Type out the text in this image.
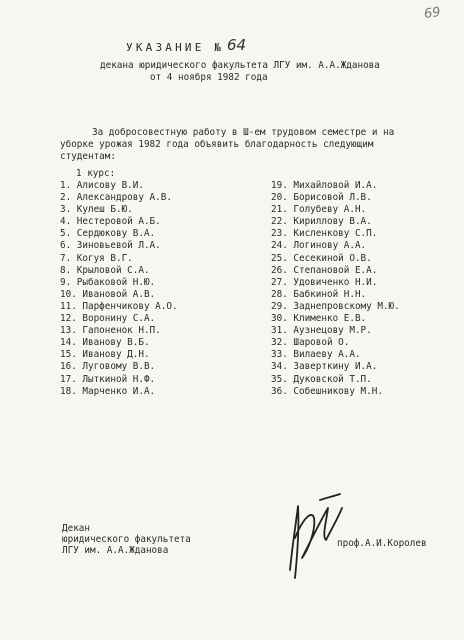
69
УКАЗАНИЕ № 64
декана юридического факультета ЛГУ им. А.А.Жданова
от 4 ноября 1982 года
За добросовестную работу в Ш-ем трудовом семестре и на
уборке урожая 1982 года объявить благодарность следующим
студентам:
1 курс:
1. Алисову В.И.
2. Александрову А.В.
3. Кулеш Б.Ю.
4. Нестеровой А.Б.
5. Сердюкову В.А.
6. Зиновьевой Л.А.
7. Когуя В.Г.
8. Крыловой С.А.
9. Рыбаковой Н.Ю.
10. Ивановой А.В.
11. Парфенчикову А.О.
12. Воронину С.А.
13. Гапоненок Н.П.
14. Иванову В.Б.
15. Иванову Д.Н.
16. Луговому В.В.
17. Лыткиной Н.Ф.
18. Марченко И.А.
19. Михайловой И.А.
20. Борисовой Л.В.
21. Голубеву А.Н.
22. Кириллову В.А.
23. Кисленкову С.П.
24. Логинову А.А.
25. Сесекиной О.В.
26. Степановой Е.А.
27. Удовиченко Н.И.
28. Бабкиной Н.Н.
29. Заднепровскому М.Ю.
30. Клименко Е.В.
31. Аузнецову М.Р.
32. Шаровой О.
33. Вилаеву А.А.
34. Заверткину И.А.
35. Дуковской Т.П.
36. Собешникову М.Н.
Декан
юридического факультета
ЛГУ им. А.А.Жданова
проф.А.И.Королев
